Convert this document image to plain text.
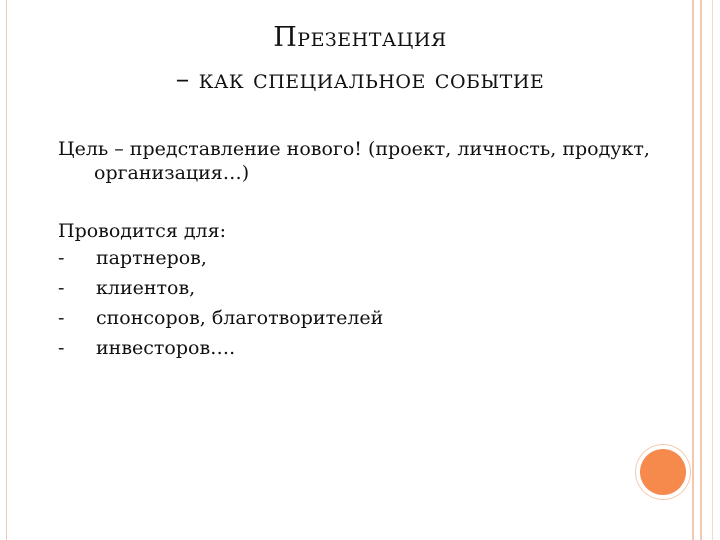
Презентация
– как специальное событие

Цель – представление нового! (проект, личность, продукт,

организация…)

Проводится для:

-	партнеров,
-	клиентов,
-	спонсоров, благотворителей
-	инвесторов….
